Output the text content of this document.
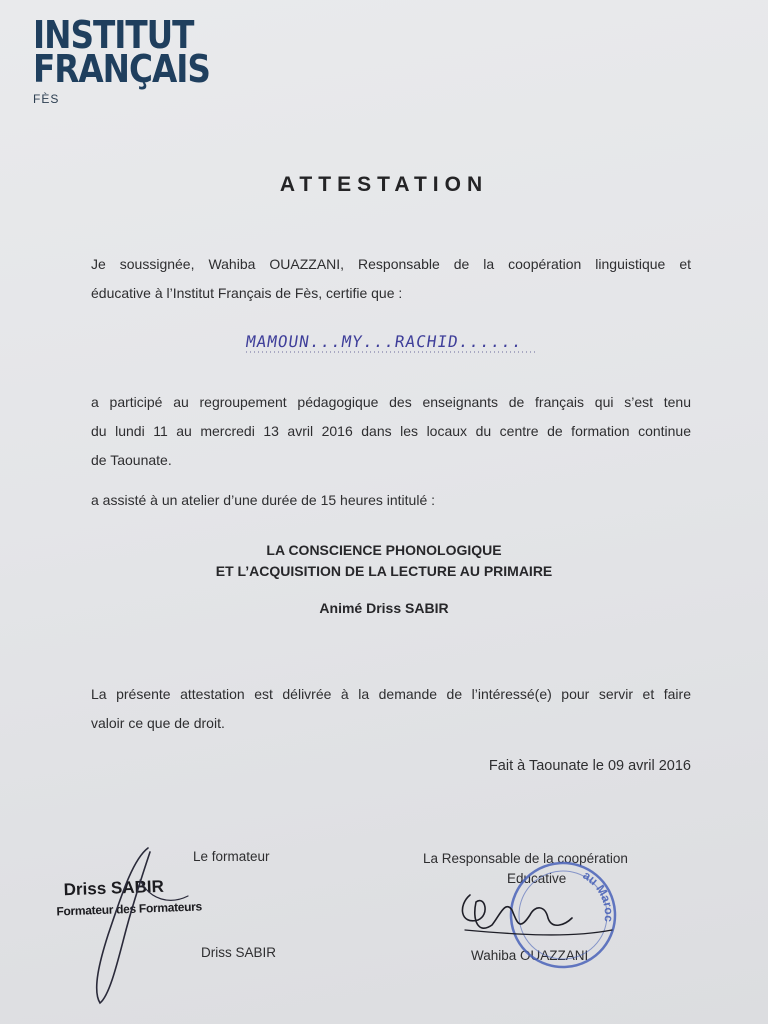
INSTITUT
FRANÇAIS
FÈS
ATTESTATION
Je soussignée, Wahiba OUAZZANI, Responsable de la coopération linguistique et
éducative à l’Institut Français de Fès, certifie que :
MAMOUN...MY...RACHID......
a participé au regroupement pédagogique des enseignants de français qui s’est tenu
du lundi 11 au mercredi 13 avril 2016 dans les locaux du centre de formation continue
de Taounate.
a assisté à un atelier d’une durée de 15 heures intitulé :
LA CONSCIENCE PHONOLOGIQUE
ET L’ACQUISITION DE LA LECTURE AU PRIMAIRE
Animé Driss SABIR
La présente attestation est délivrée à la demande de l’intéressé(e) pour servir et faire
valoir ce que de droit.
Fait à Taounate le 09 avril 2016
Le formateur
Driss SABIR
Formateur des Formateurs
Driss SABIR
La Responsable de la coopération
Educative
Wahiba OUAZZANI
au Maroc
